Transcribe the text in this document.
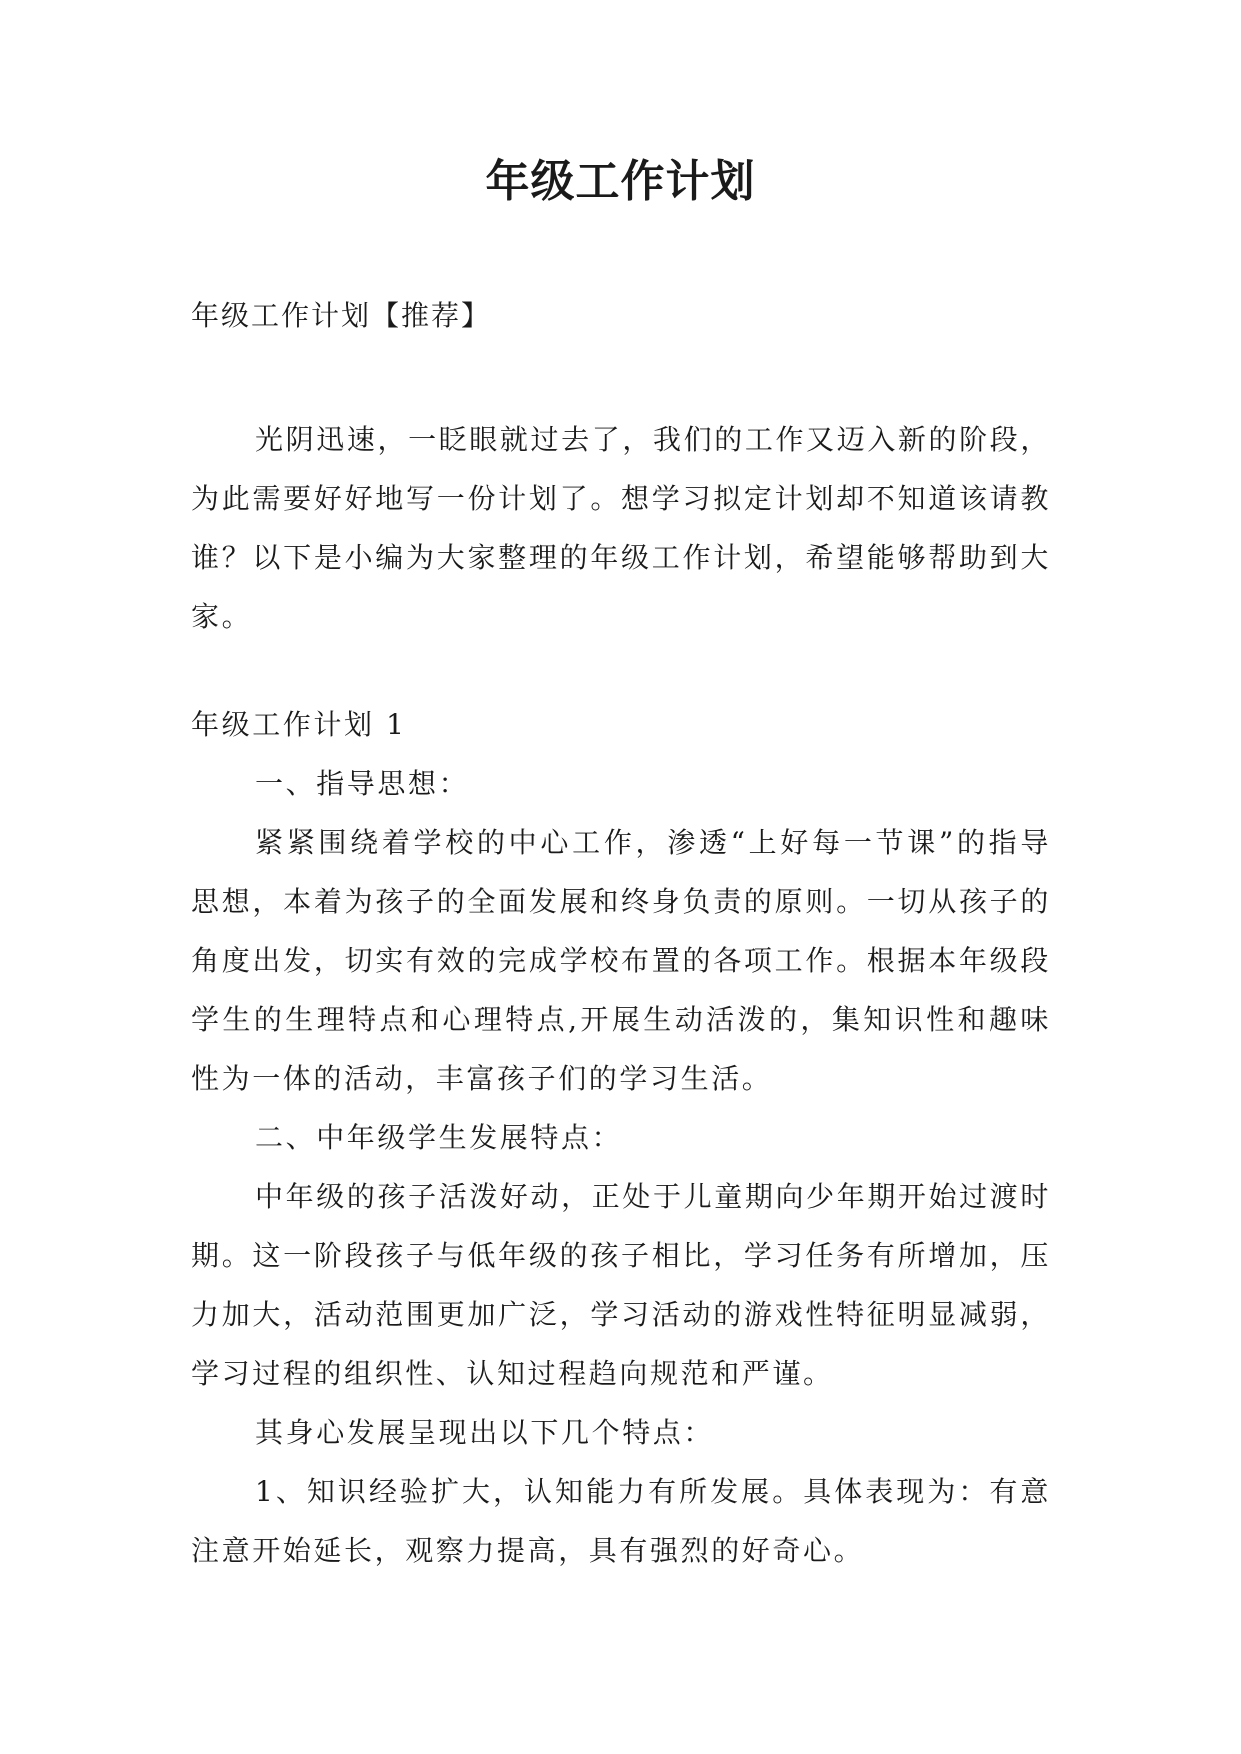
年级工作计划
年级工作计划【推荐】
光阴迅速，一眨眼就过去了，我们的工作又迈入新的阶段，为此需要好好地写一份计划了。想学习拟定计划却不知道该请教谁？以下是小编为大家整理的年级工作计划，希望能够帮助到大家。

年级工作计划 1

一、指导思想：

紧紧围绕着学校的中心工作，渗透“上好每一节课”的指导思想，本着为孩子的全面发展和终身负责的原则。一切从孩子的角度出发，切实有效的完成学校布置的各项工作。根据本年级段学生的生理特点和心理特点,开展生动活泼的，集知识性和趣味性为一体的活动，丰富孩子们的学习生活。

二、中年级学生发展特点：

中年级的孩子活泼好动，正处于儿童期向少年期开始过渡时期。这一阶段孩子与低年级的孩子相比，学习任务有所增加，压力加大，活动范围更加广泛，学习活动的游戏性特征明显减弱，学习过程的组织性、认知过程趋向规范和严谨。

其身心发展呈现出以下几个特点：

1、知识经验扩大，认知能力有所发展。具体表现为：有意注意开始延长，观察力提高，具有强烈的好奇心。
